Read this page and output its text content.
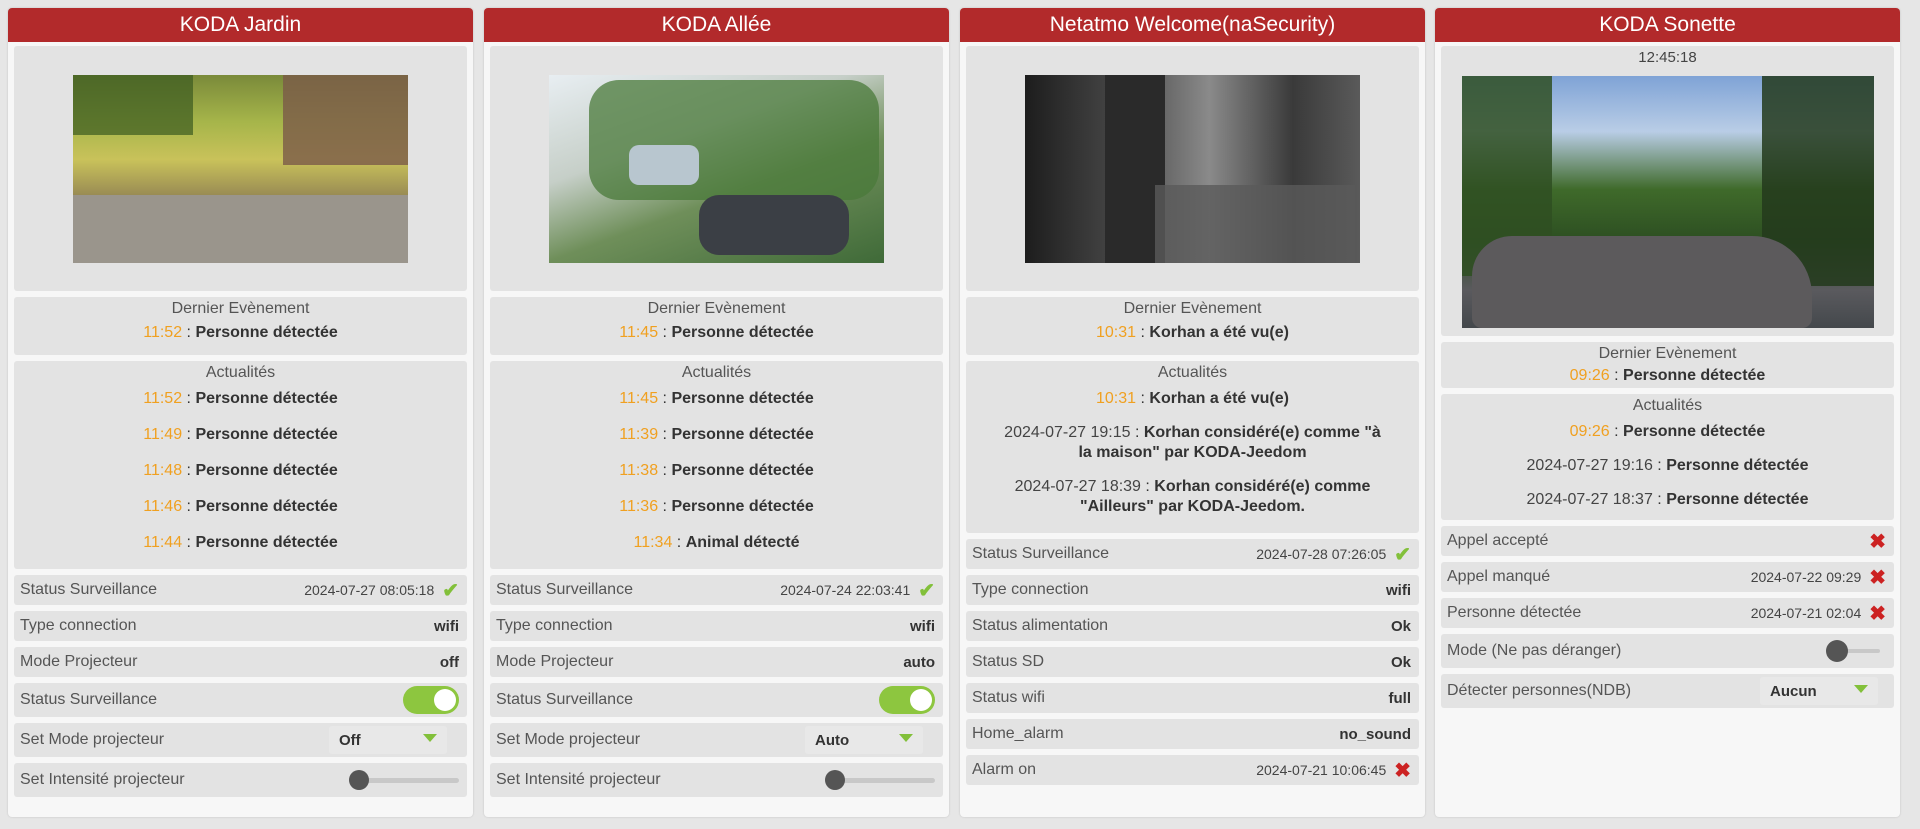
KODA Jardin
Dernier Evènement
11:52 : Personne détectée
Actualités
11:52 : Personne détectée
11:49 : Personne détectée
11:48 : Personne détectée
11:46 : Personne détectée
11:44 : Personne détectée
Status Surveillance	2024-07-27 08:05:18 ✔
Type connection	wifi
Mode Projecteur	off
Status Surveillance
Set Mode projecteur	Off
Set Intensité projecteur
KODA Allée
Dernier Evènement
11:45 : Personne détectée
Actualités
11:45 : Personne détectée
11:39 : Personne détectée
11:38 : Personne détectée
11:36 : Personne détectée
11:34 : Animal détecté
Status Surveillance	2024-07-24 22:03:41 ✔
Type connection	wifi
Mode Projecteur	auto
Status Surveillance
Set Mode projecteur	Auto
Set Intensité projecteur
Netatmo Welcome(naSecurity)
Dernier Evènement
10:31 : Korhan a été vu(e)
Actualités
10:31 : Korhan a été vu(e)
2024-07-27 19:15 : Korhan considéré(e) comme "à la maison" par KODA-Jeedom
2024-07-27 18:39 : Korhan considéré(e) comme "Ailleurs" par KODA-Jeedom.
Status Surveillance	2024-07-28 07:26:05 ✔
Type connection	wifi
Status alimentation	Ok
Status SD	Ok
Status wifi	full
Home_alarm	no_sound
Alarm on	2024-07-21 10:06:45 ✖
KODA Sonette
12:45:18
Dernier Evènement
09:26 : Personne détectée
Actualités
09:26 : Personne détectée
2024-07-27 19:16 : Personne détectée
2024-07-27 18:37 : Personne détectée
Appel accepté	✖
Appel manqué	2024-07-22 09:29 ✖
Personne détectée	2024-07-21 02:04 ✖
Mode (Ne pas déranger)
Détecter personnes(NDB)	Aucun
